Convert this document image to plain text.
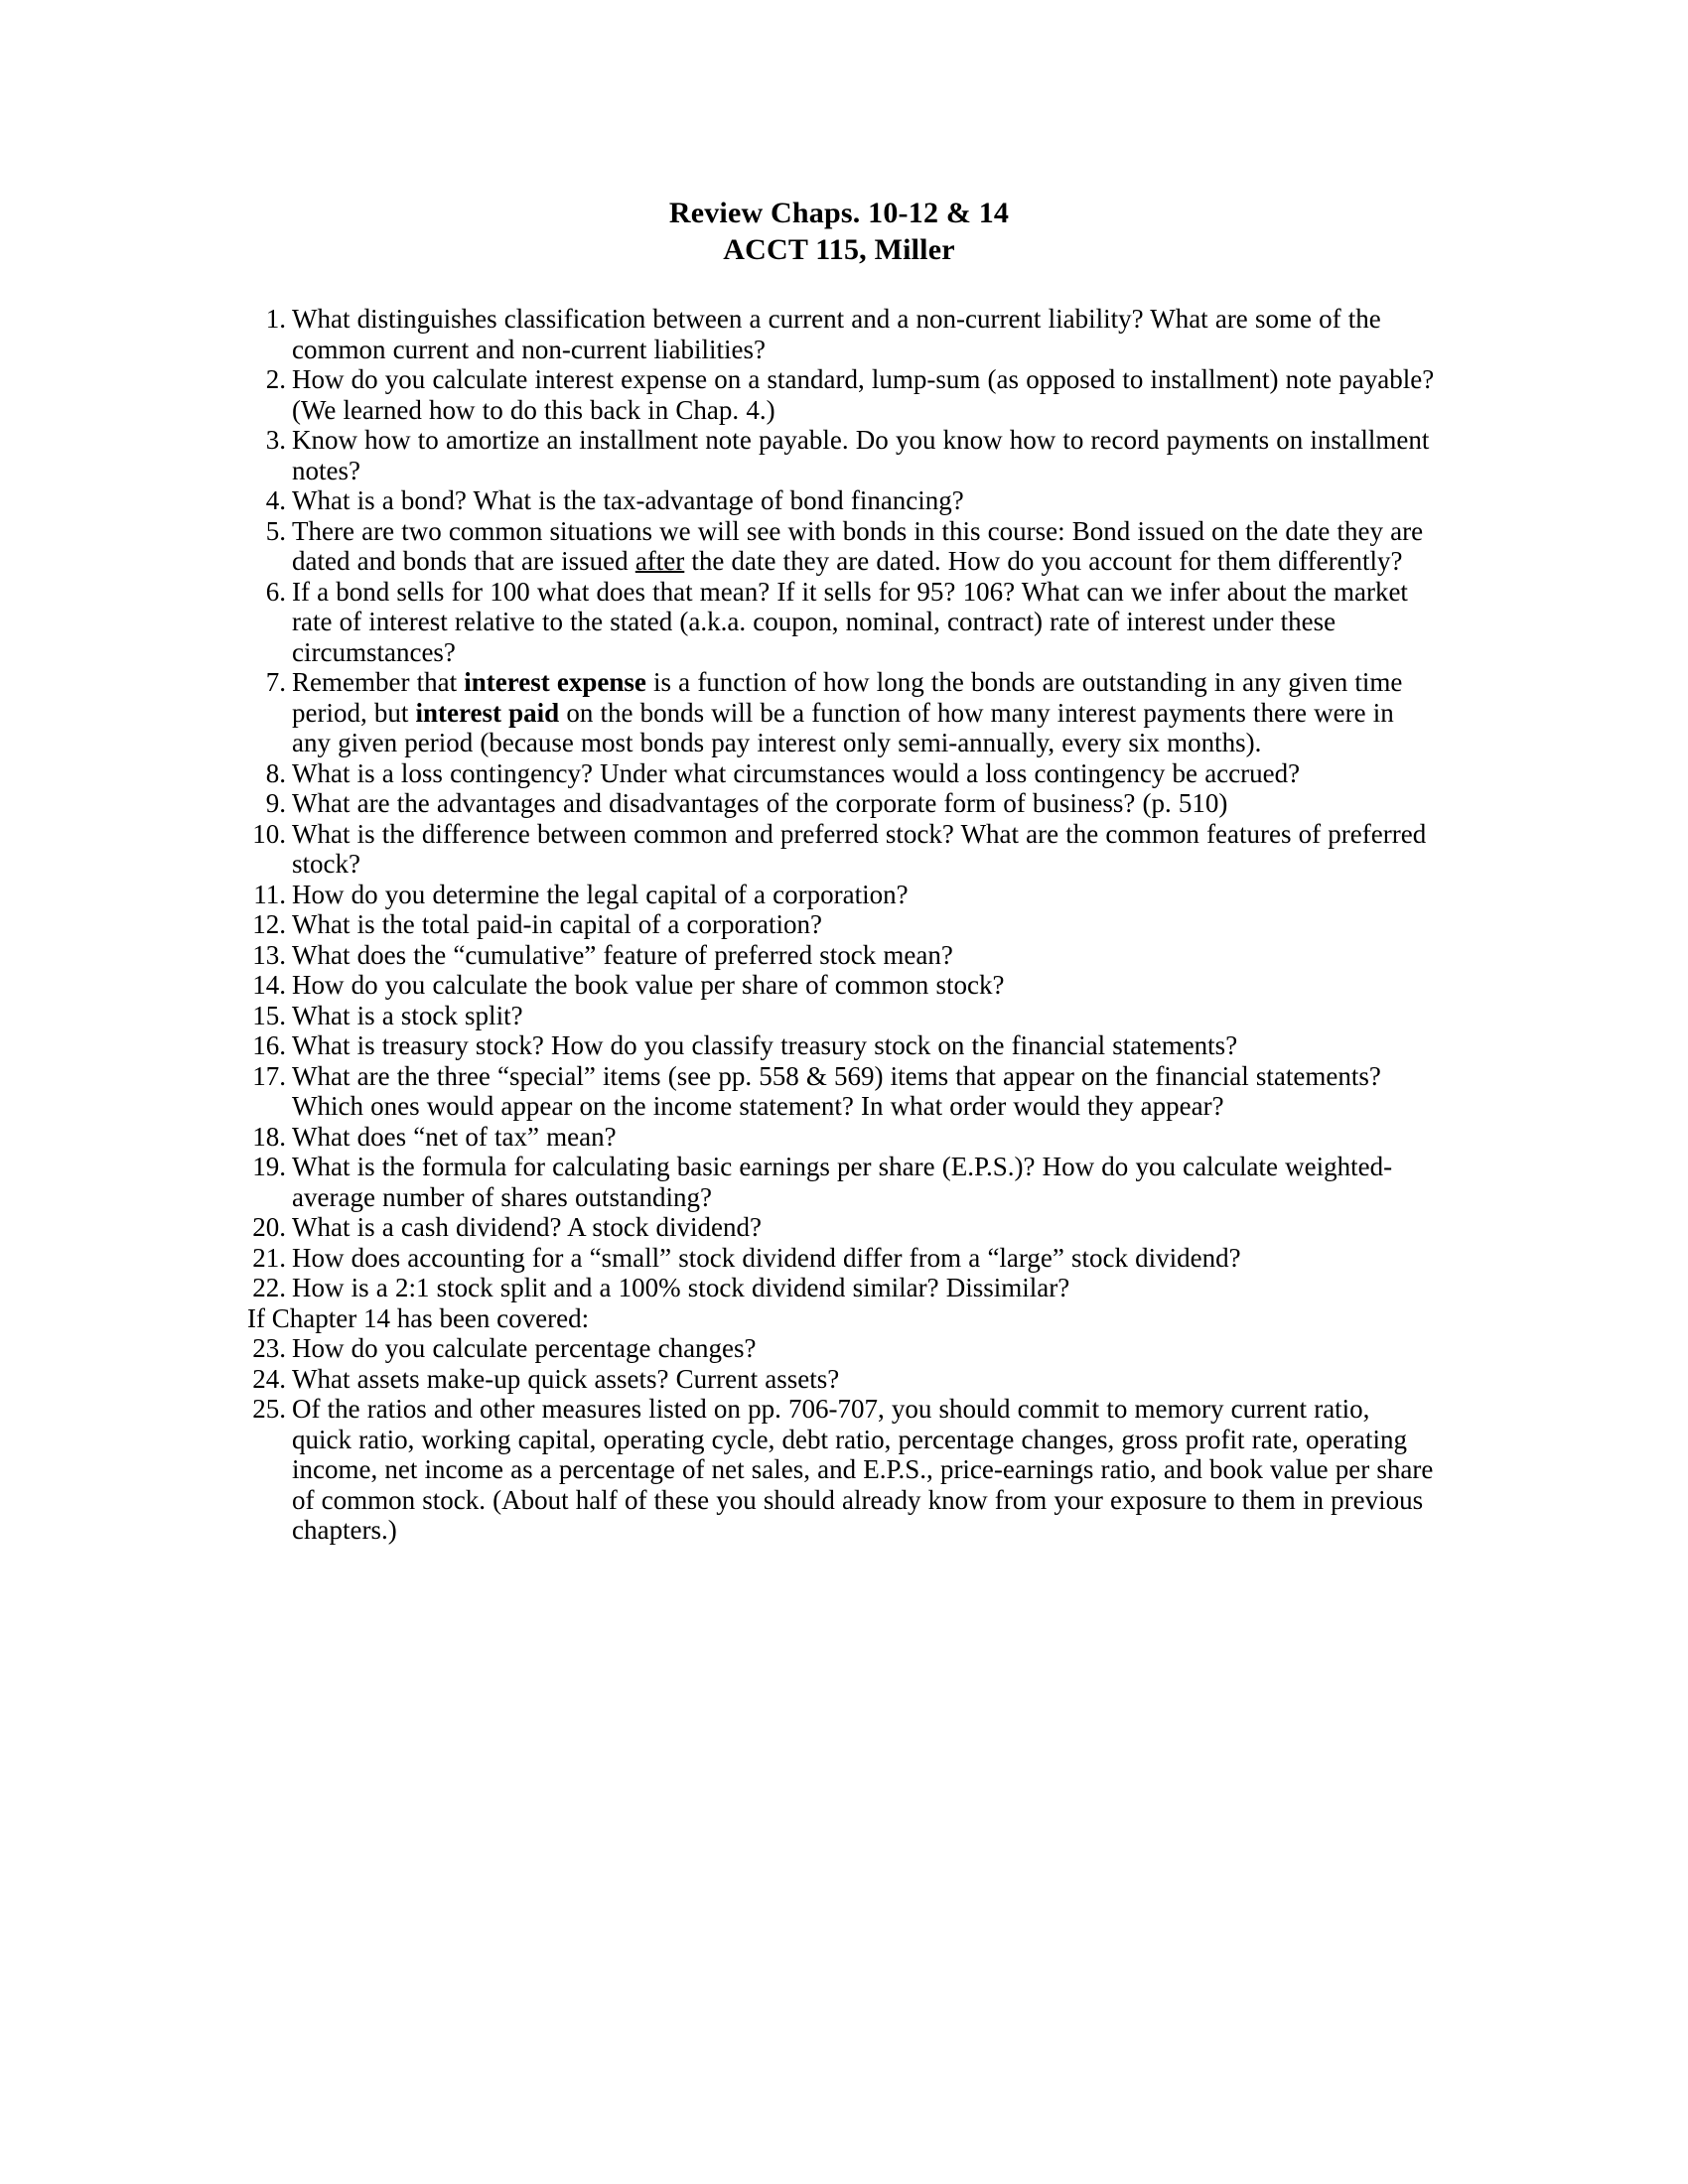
Review Chaps. 10-12 & 14
ACCT 115, Miller
1. What distinguishes classification between a current and a non-current liability? What are some of the common current and non-current liabilities?
2. How do you calculate interest expense on a standard, lump-sum (as opposed to installment) note payable? (We learned how to do this back in Chap. 4.)
3. Know how to amortize an installment note payable. Do you know how to record payments on installment notes?
4. What is a bond? What is the tax-advantage of bond financing?
5. There are two common situations we will see with bonds in this course: Bond issued on the date they are dated and bonds that are issued after the date they are dated. How do you account for them differently?
6. If a bond sells for 100 what does that mean? If it sells for 95? 106? What can we infer about the market rate of interest relative to the stated (a.k.a. coupon, nominal, contract) rate of interest under these circumstances?
7. Remember that interest expense is a function of how long the bonds are outstanding in any given time period, but interest paid on the bonds will be a function of how many interest payments there were in any given period (because most bonds pay interest only semi-annually, every six months).
8. What is a loss contingency? Under what circumstances would a loss contingency be accrued?
9. What are the advantages and disadvantages of the corporate form of business? (p. 510)
10. What is the difference between common and preferred stock? What are the common features of preferred stock?
11. How do you determine the legal capital of a corporation?
12. What is the total paid-in capital of a corporation?
13. What does the “cumulative” feature of preferred stock mean?
14. How do you calculate the book value per share of common stock?
15. What is a stock split?
16. What is treasury stock? How do you classify treasury stock on the financial statements?
17. What are the three “special” items (see pp. 558 & 569) items that appear on the financial statements? Which ones would appear on the income statement? In what order would they appear?
18. What does “net of tax” mean?
19. What is the formula for calculating basic earnings per share (E.P.S.)? How do you calculate weighted-average number of shares outstanding?
20. What is a cash dividend? A stock dividend?
21. How does accounting for a “small” stock dividend differ from a “large” stock dividend?
22. How is a 2:1 stock split and a 100% stock dividend similar? Dissimilar?
If Chapter 14 has been covered:
23. How do you calculate percentage changes?
24. What assets make-up quick assets? Current assets?
25. Of the ratios and other measures listed on pp. 706-707, you should commit to memory current ratio, quick ratio, working capital, operating cycle, debt ratio, percentage changes, gross profit rate, operating income, net income as a percentage of net sales, and E.P.S., price-earnings ratio, and book value per share of common stock. (About half of these you should already know from your exposure to them in previous chapters.)
